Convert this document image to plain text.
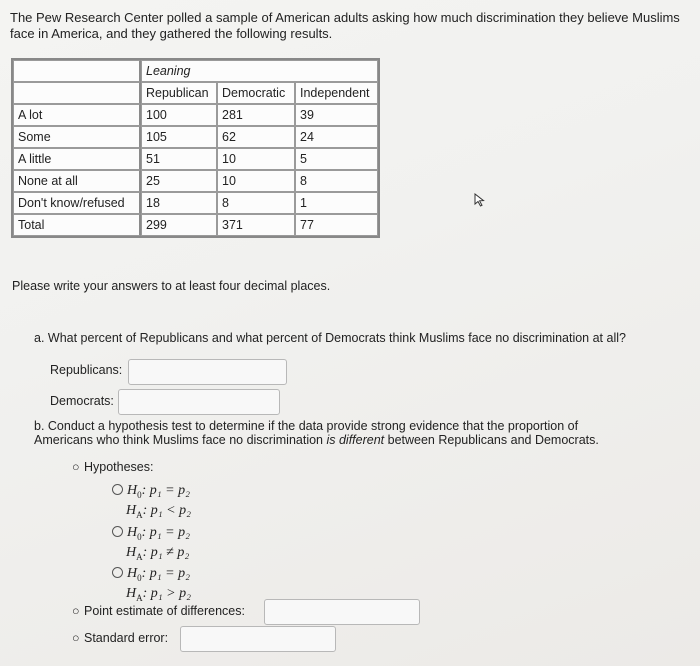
The Pew Research Center polled a sample of American adults asking how much discrimination they believe Muslims face in America, and they gathered the following results.

	Leaning		
	Republican	Democratic	Independent
A lot	100	281	39
Some	105	62	24
A little	51	10	5
None at all	25	10	8
Don't know/refused	18	8	1
Total	299	371	77

Please write your answers to at least four decimal places.

a. What percent of Republicans and what percent of Democrats think Muslims face no discrimination at all?

Republicans:
Democrats:

b. Conduct a hypothesis test to determine if the data provide strong evidence that the proportion of Americans who think Muslims face no discrimination is different between Republicans and Democrats.

○ Hypotheses:
$H_0$: p₁ = p₂
$H_A$: p₁ < p₂
$H_0$: p₁ = p₂
$H_A$: p₁ ≠ p₂
$H_0$: p₁ = p₂
$H_A$: p₁ > p₂
○ Point estimate of differences:
○ Standard error:
